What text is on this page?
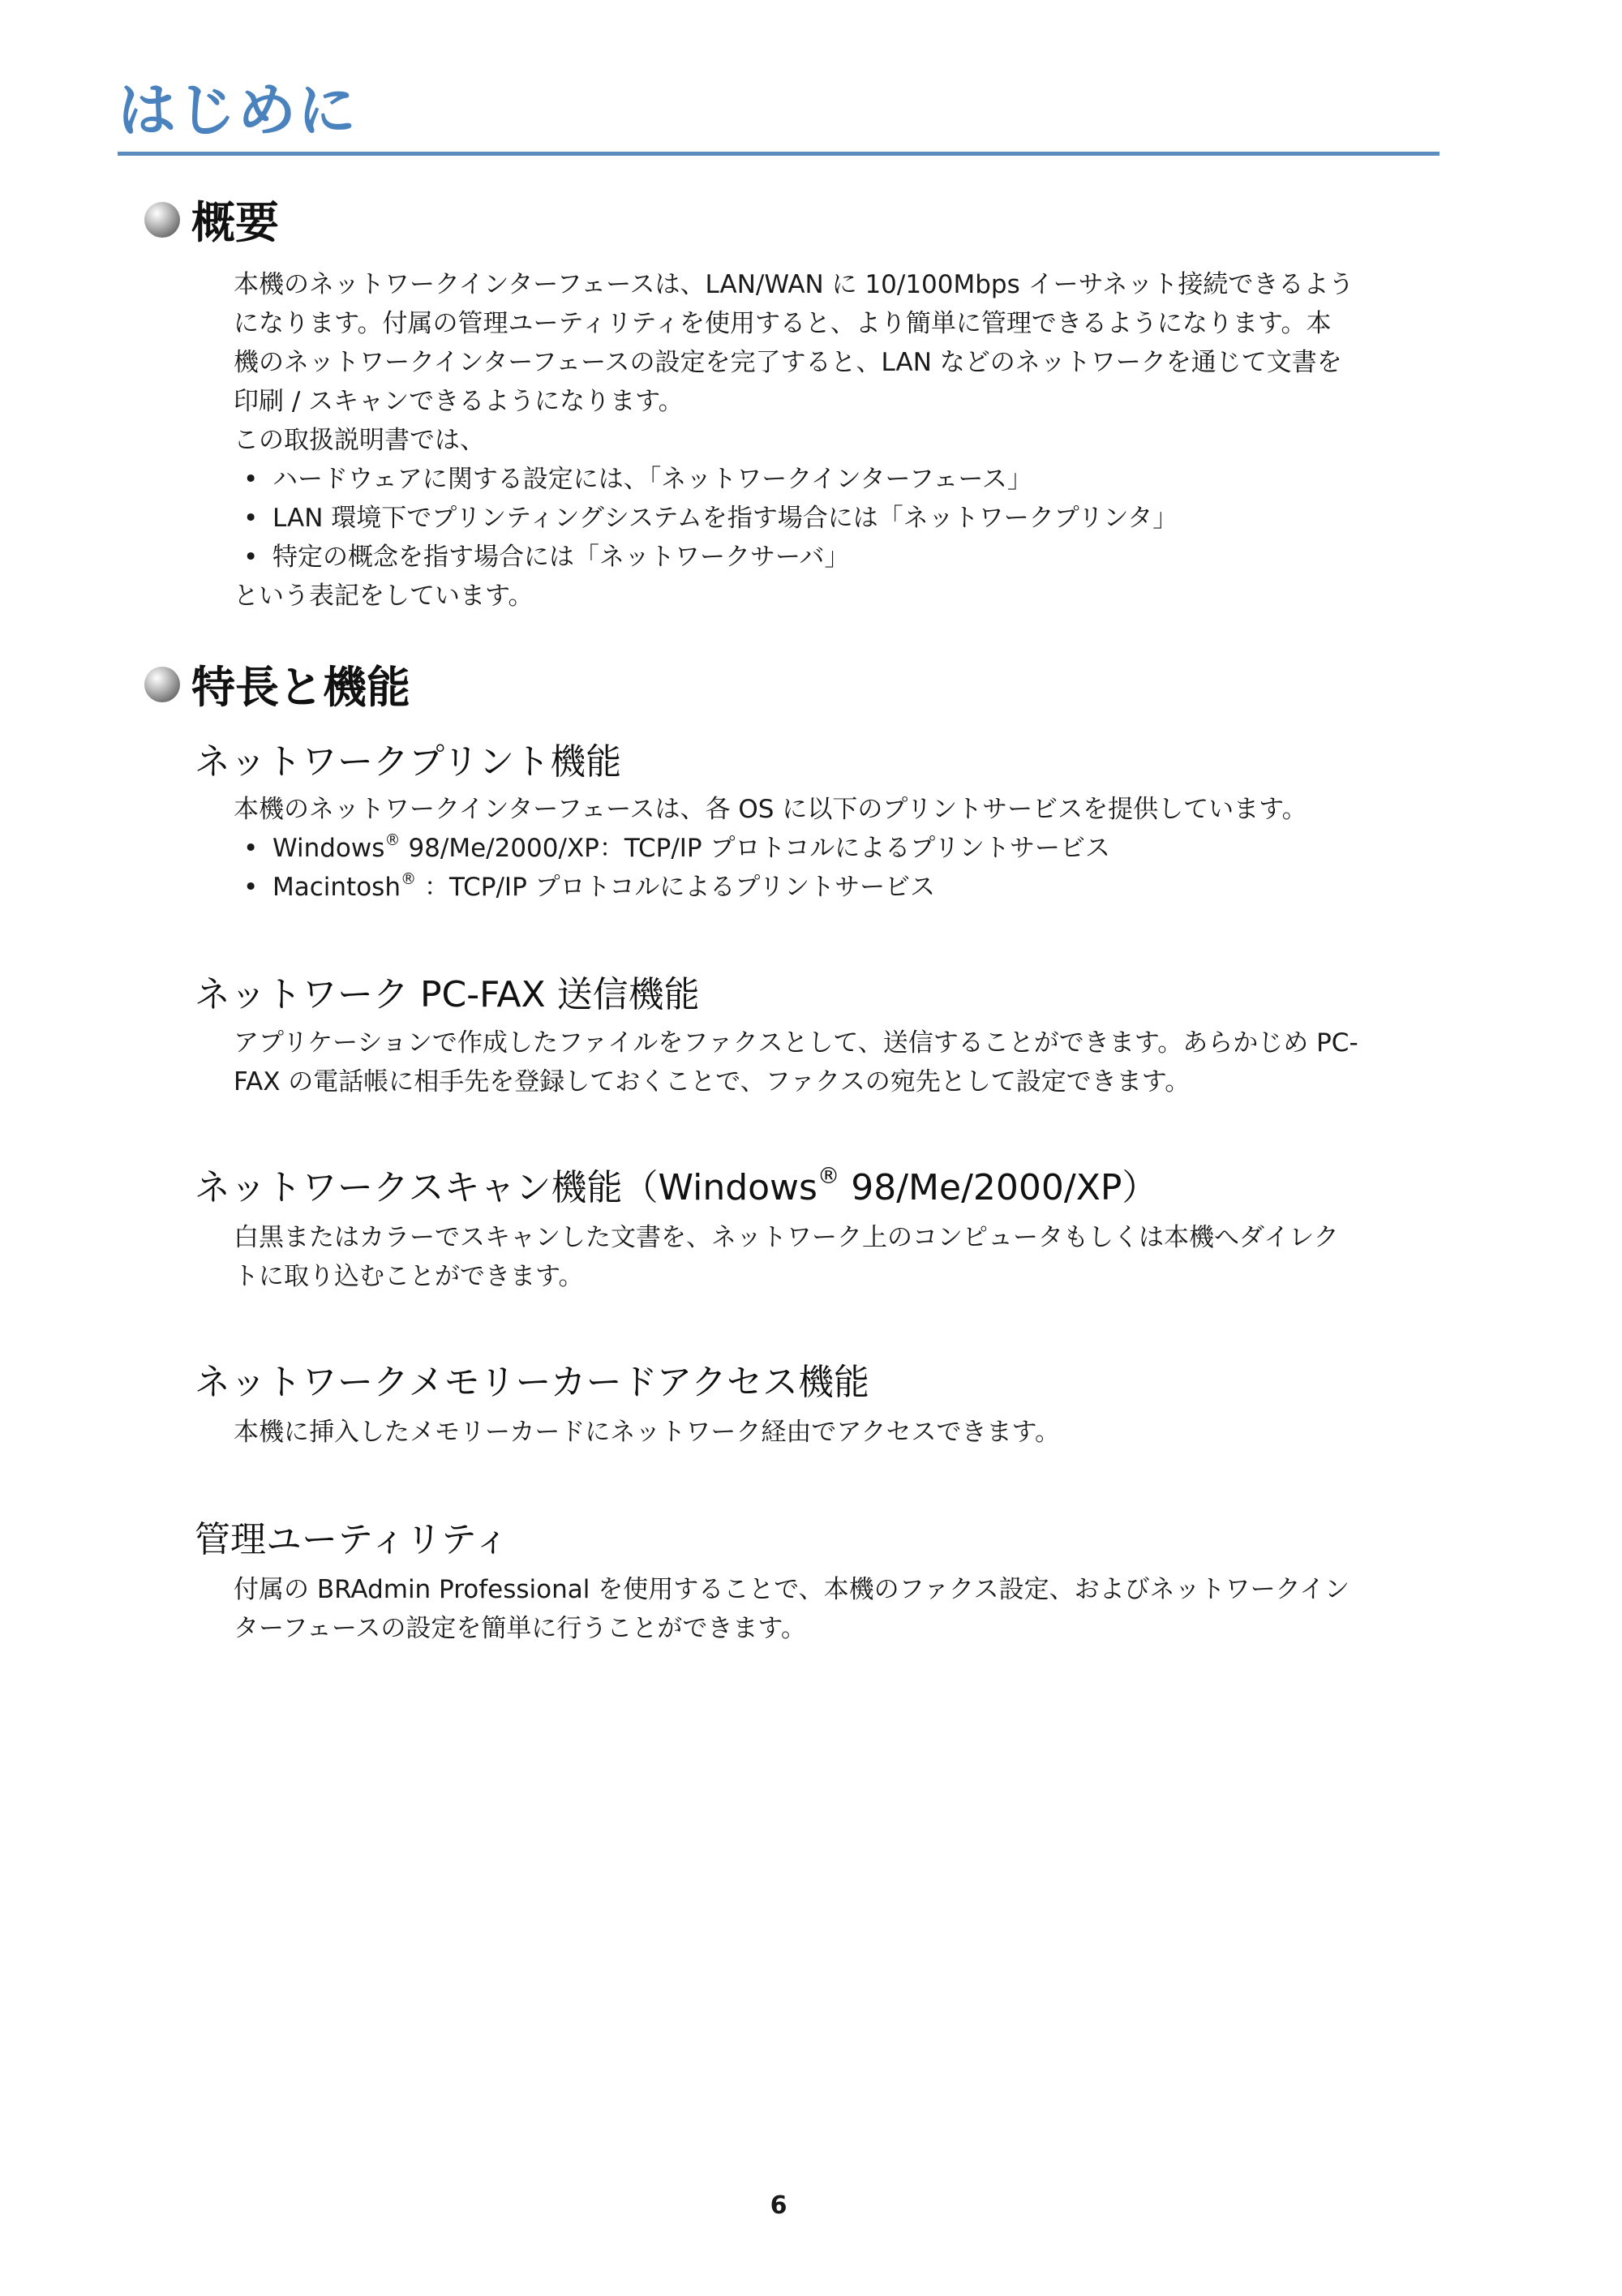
はじめに
概要

本機のネットワークインターフェースは、LAN/WAN に 10/100Mbps イーサネット接続できるよう
になります。付属の管理ユーティリティを使用すると、より簡単に管理できるようになります。本
機のネットワークインターフェースの設定を完了すると、LAN などのネットワークを通じて文書を
印刷 / スキャンできるようになります。
この取扱説明書では、

• ハードウェアに関する設定には、「ネットワークインターフェース」
• LAN 環境下でプリンティングシステムを指す場合には「ネットワークプリンタ」
• 特定の概念を指す場合には「ネットワークサーバ」

という表記をしています。

特長と機能
ネットワークプリント機能

本機のネットワークインターフェースは、各 OS に以下のプリントサービスを提供しています。

• Windows® 98/Me/2000/XP：TCP/IP プロトコルによるプリントサービス
• Macintosh® ：TCP/IP プロトコルによるプリントサービス
ネットワーク PC-FAX 送信機能

アプリケーションで作成したファイルをファクスとして、送信することができます。あらかじめ PC-
FAX の電話帳に相手先を登録しておくことで、ファクスの宛先として設定できます。

ネットワークスキャン機能（Windows® 98/Me/2000/XP）

白黒またはカラーでスキャンした文書を、ネットワーク上のコンピュータもしくは本機へダイレク
トに取り込むことができます。

ネットワークメモリーカードアクセス機能

本機に挿入したメモリーカードにネットワーク経由でアクセスできます。

管理ユーティリティ

付属の BRAdmin Professional を使用することで、本機のファクス設定、およびネットワークイン
ターフェースの設定を簡単に行うことができます。

6
